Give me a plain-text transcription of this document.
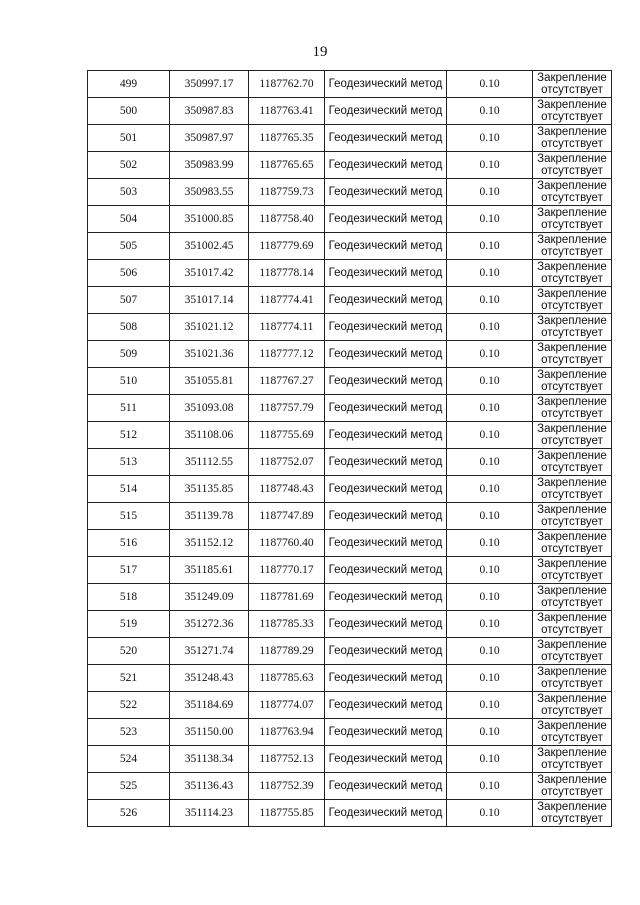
19
499	350997.17	1187762.70	Геодезический метод	0.10	Закрепление
отсутствует

500	350987.83	1187763.41	Геодезический метод	0.10	Закрепление
отсутствует

501	350987.97	1187765.35	Геодезический метод	0.10	Закрепление
отсутствует

502	350983.99	1187765.65	Геодезический метод	0.10	Закрепление
отсутствует

503	350983.55	1187759.73	Геодезический метод	0.10	Закрепление
отсутствует

504	351000.85	1187758.40	Геодезический метод	0.10	Закрепление
отсутствует

505	351002.45	1187779.69	Геодезический метод	0.10	Закрепление
отсутствует

506	351017.42	1187778.14	Геодезический метод	0.10	Закрепление
отсутствует

507	351017.14	1187774.41	Геодезический метод	0.10	Закрепление
отсутствует

508	351021.12	1187774.11	Геодезический метод	0.10	Закрепление
отсутствует

509	351021.36	1187777.12	Геодезический метод	0.10	Закрепление
отсутствует

510	351055.81	1187767.27	Геодезический метод	0.10	Закрепление
отсутствует

511	351093.08	1187757.79	Геодезический метод	0.10	Закрепление
отсутствует

512	351108.06	1187755.69	Геодезический метод	0.10	Закрепление
отсутствует

513	351112.55	1187752.07	Геодезический метод	0.10	Закрепление
отсутствует

514	351135.85	1187748.43	Геодезический метод	0.10	Закрепление
отсутствует

515	351139.78	1187747.89	Геодезический метод	0.10	Закрепление
отсутствует

516	351152.12	1187760.40	Геодезический метод	0.10	Закрепление
отсутствует

517	351185.61	1187770.17	Геодезический метод	0.10	Закрепление
отсутствует

518	351249.09	1187781.69	Геодезический метод	0.10	Закрепление
отсутствует

519	351272.36	1187785.33	Геодезический метод	0.10	Закрепление
отсутствует

520	351271.74	1187789.29	Геодезический метод	0.10	Закрепление
отсутствует

521	351248.43	1187785.63	Геодезический метод	0.10	Закрепление
отсутствует

522	351184.69	1187774.07	Геодезический метод	0.10	Закрепление
отсутствует

523	351150.00	1187763.94	Геодезический метод	0.10	Закрепление
отсутствует

524	351138.34	1187752.13	Геодезический метод	0.10	Закрепление
отсутствует

525	351136.43	1187752.39	Геодезический метод	0.10	Закрепление
отсутствует

526	351114.23	1187755.85	Геодезический метод	0.10	Закрепление
отсутствует
